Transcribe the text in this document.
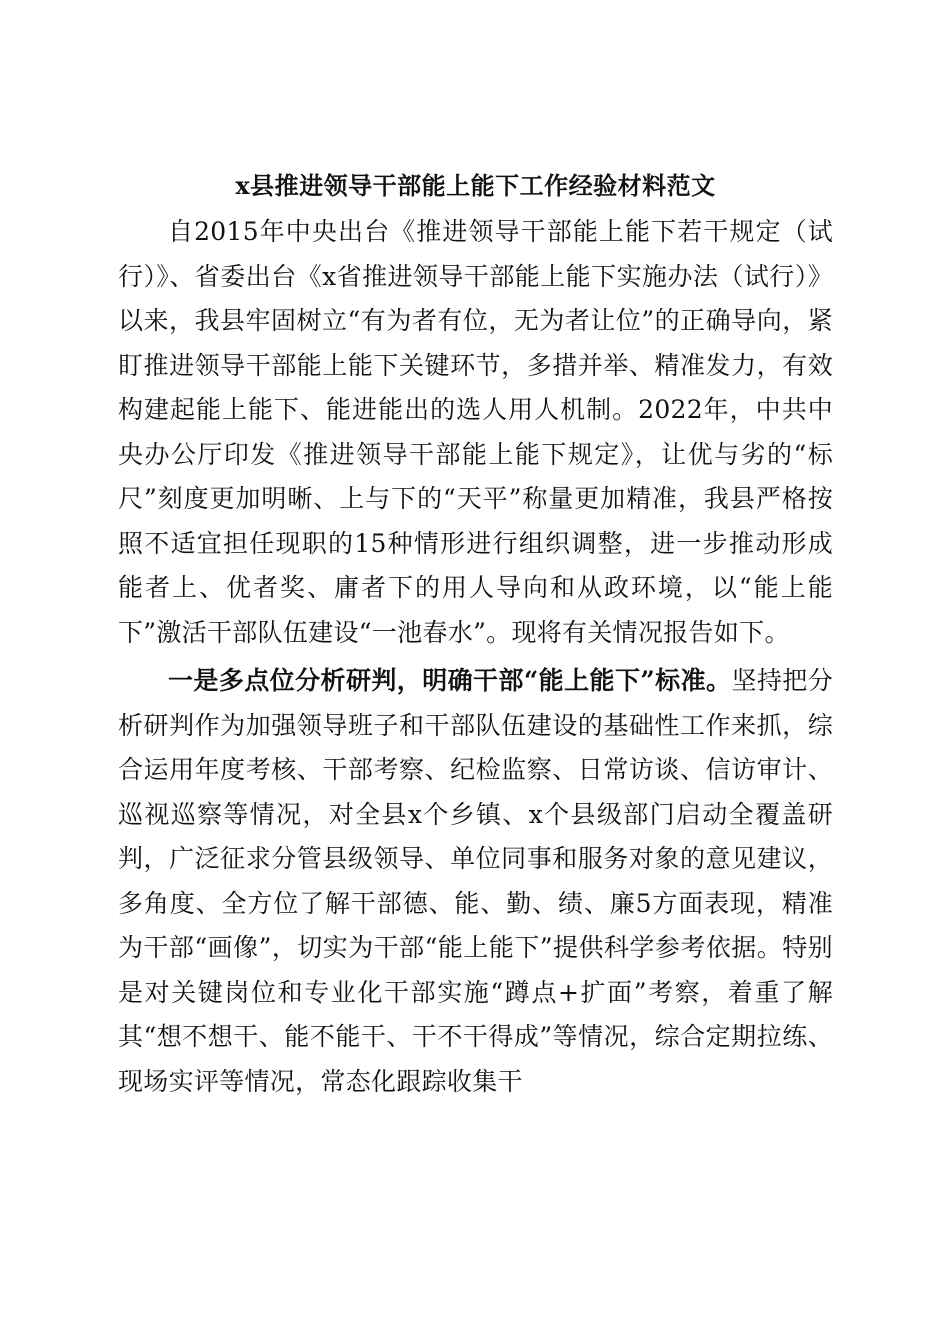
x县推进领导干部能上能下工作经验材料范文

自2015年中央出台《推进领导干部能上能下若干规定（试行）》、省委出台《x省推进领导干部能上能下实施办法（试行）》以来，我县牢固树立“有为者有位，无为者让位”的正确导向，紧盯推进领导干部能上能下关键环节，多措并举、精准发力，有效构建起能上能下、能进能出的选人用人机制。2022年，中共中央办公厅印发《推进领导干部能上能下规定》，让优与劣的“标尺”刻度更加明晰、上与下的“天平”称量更加精准，我县严格按照不适宜担任现职的15种情形进行组织调整，进一步推动形成能者上、优者奖、庸者下的用人导向和从政环境，以“能上能下”激活干部队伍建设“一池春水”。现将有关情况报告如下。

一是多点位分析研判，明确干部“能上能下”标准。坚持把分析研判作为加强领导班子和干部队伍建设的基础性工作来抓，综合运用年度考核、干部考察、纪检监察、日常访谈、信访审计、巡视巡察等情况，对全县x个乡镇、x个县级部门启动全覆盖研判，广泛征求分管县级领导、单位同事和服务对象的意见建议，多角度、全方位了解干部德、能、勤、绩、廉5方面表现，精准为干部“画像”，切实为干部“能上能下”提供科学参考依据。特别是对关键岗位和专业化干部实施“蹲点+扩面”考察，着重了解其“想不想干、能不能干、干不干得成”等情况，综合定期拉练、现场实评等情况，常态化跟踪收集干
